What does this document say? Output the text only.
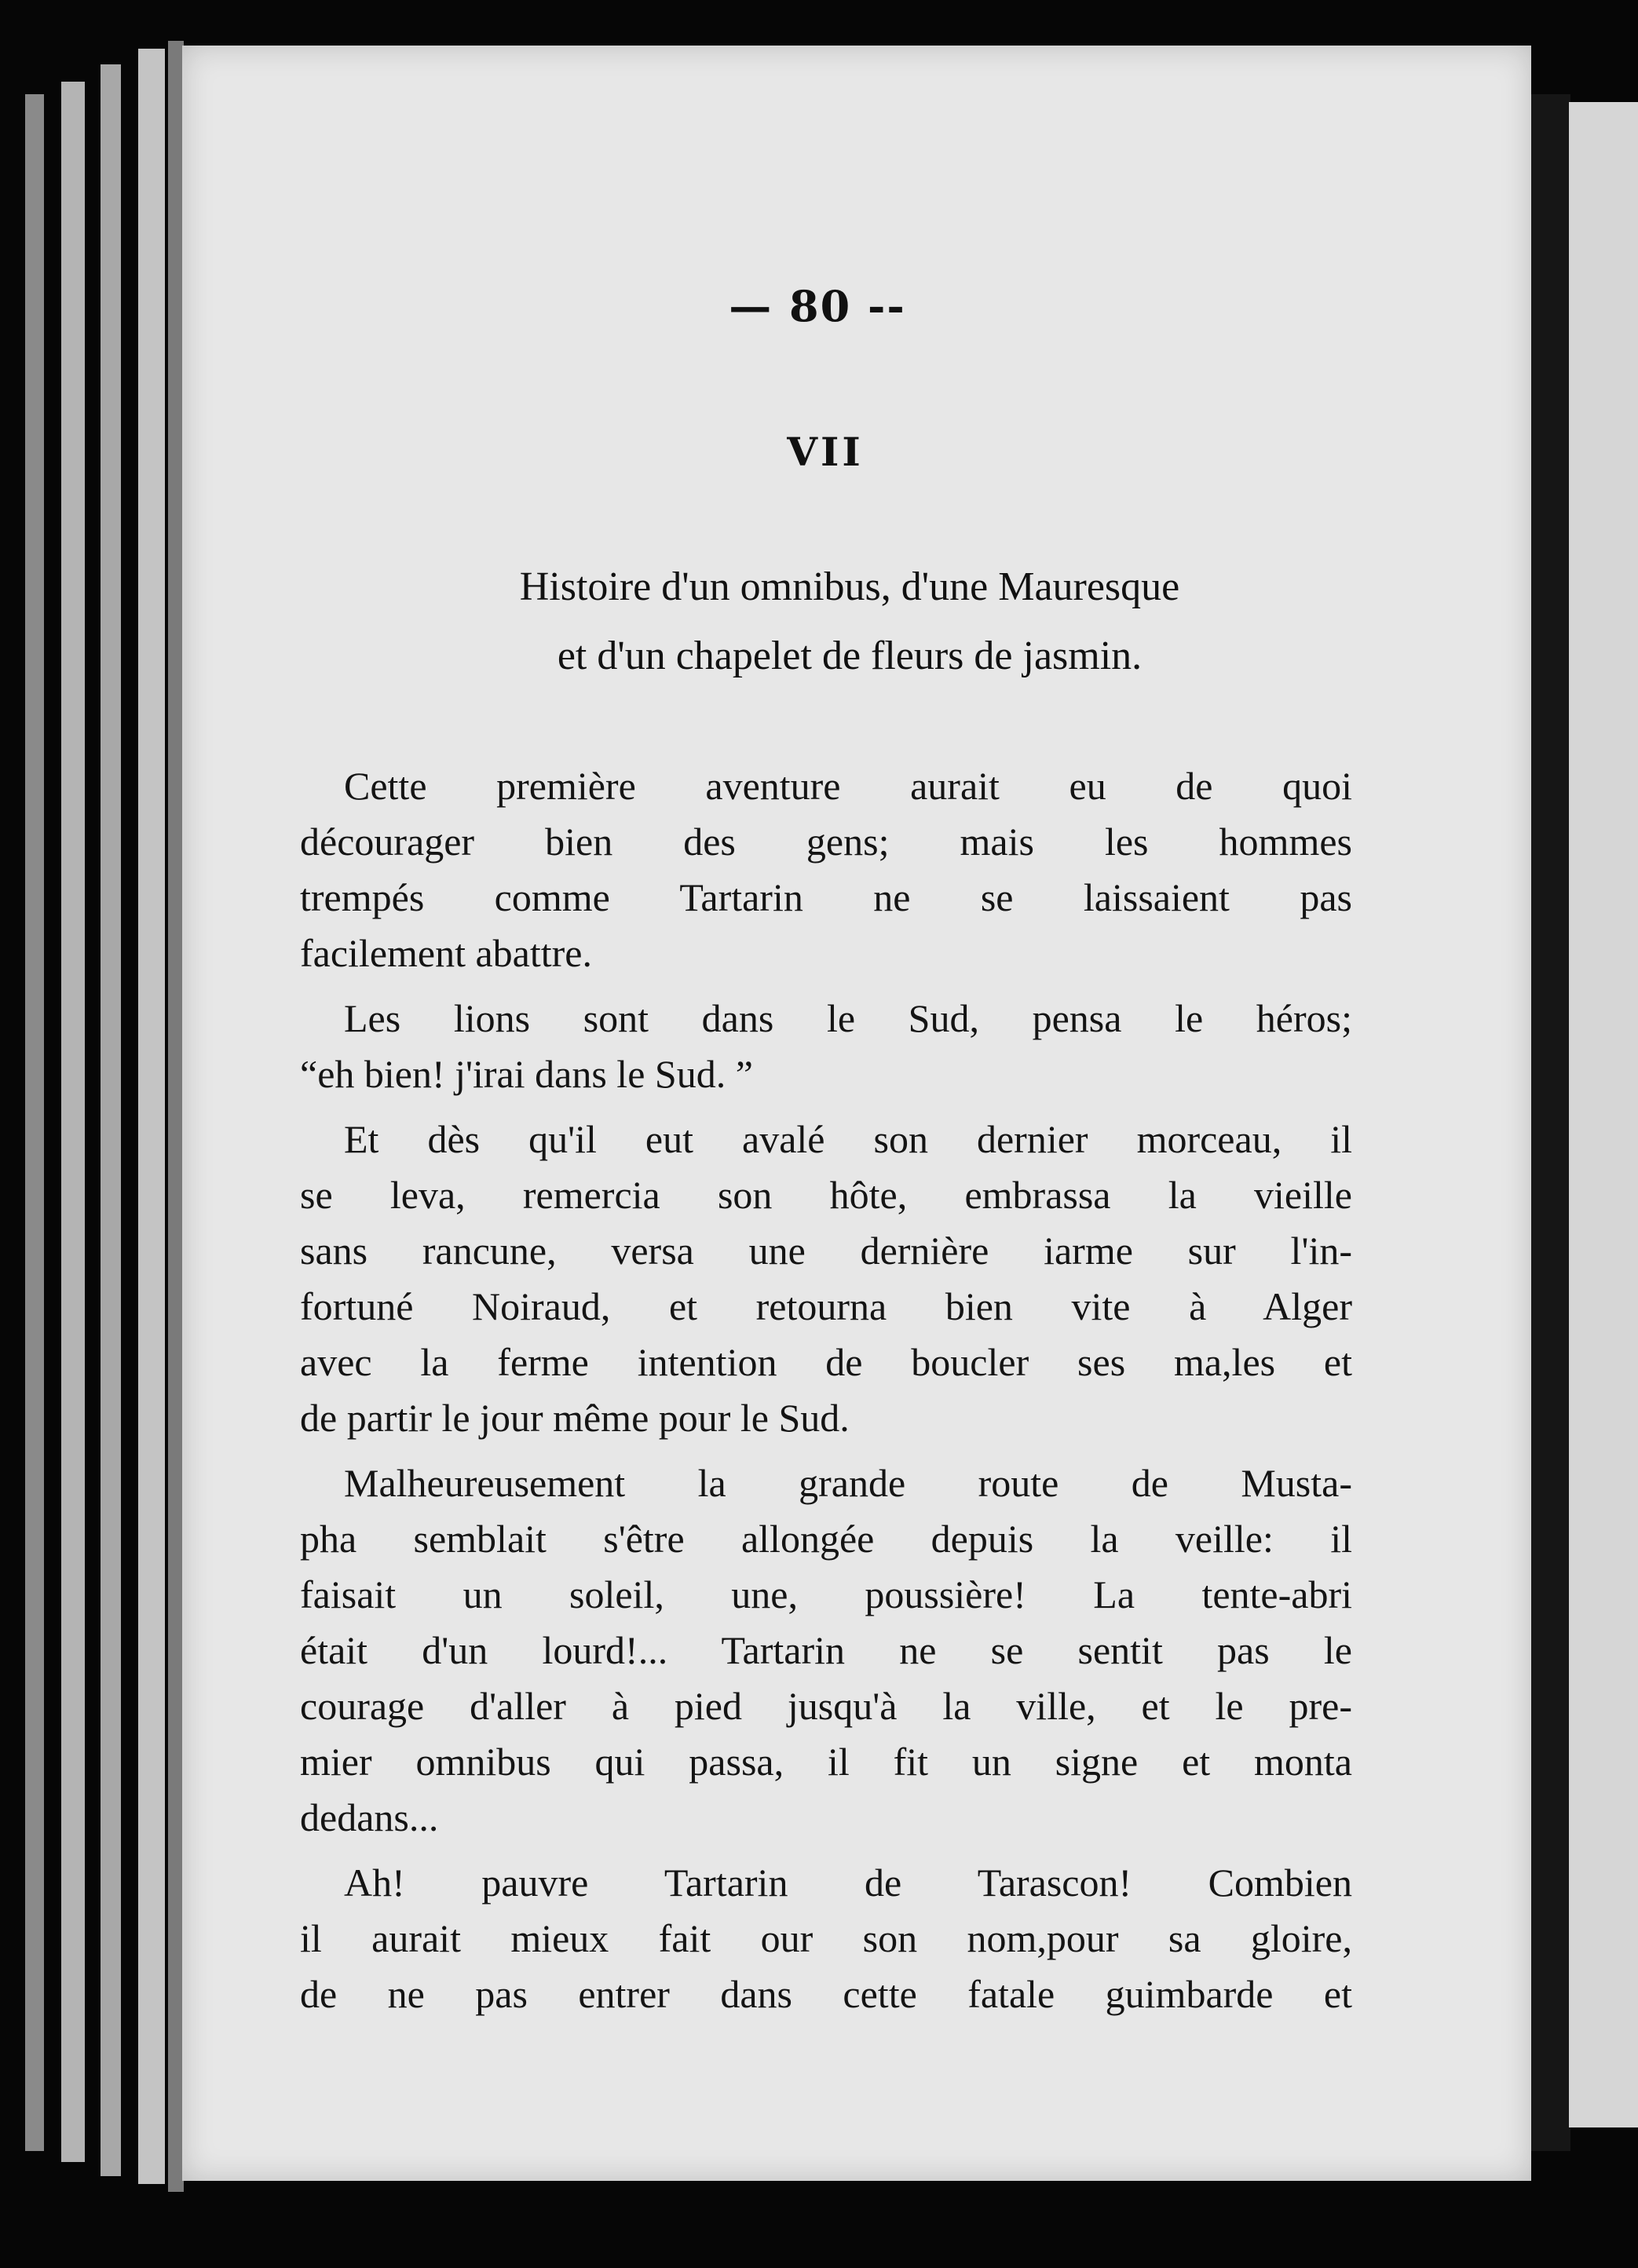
— 80 --
VII
Histoire d'un omnibus, d'une Mauresque
et d'un chapelet de fleurs de jasmin.
Cette première aventure aurait eu de quoi
décourager bien des gens; mais les hommes
trempés comme Tartarin ne se laissaient pas
facilement abattre.
Les lions sont dans le Sud, pensa le héros;
“eh bien! j'irai dans le Sud. ”
Et dès qu'il eut avalé son dernier morceau, il
se leva, remercia son hôte, embrassa la vieille
sans rancune, versa une dernière iarme sur l'in-
fortuné Noiraud, et retourna bien vite à Alger
avec la ferme intention de boucler ses ma,les et
de partir le jour même pour le Sud.
Malheureusement la grande route de Musta-
pha semblait s'être allongée depuis la veille: il
faisait un soleil, une, poussière! La tente-abri
était d'un lourd!... Tartarin ne se sentit pas le
courage d'aller à pied jusqu'à la ville, et le pre-
mier omnibus qui passa, il fit un signe et monta
dedans...
Ah! pauvre Tartarin de Tarascon! Combien
il aurait mieux fait our son nom,pour sa gloire,
de ne pas entrer dans cette fatale guimbarde et
